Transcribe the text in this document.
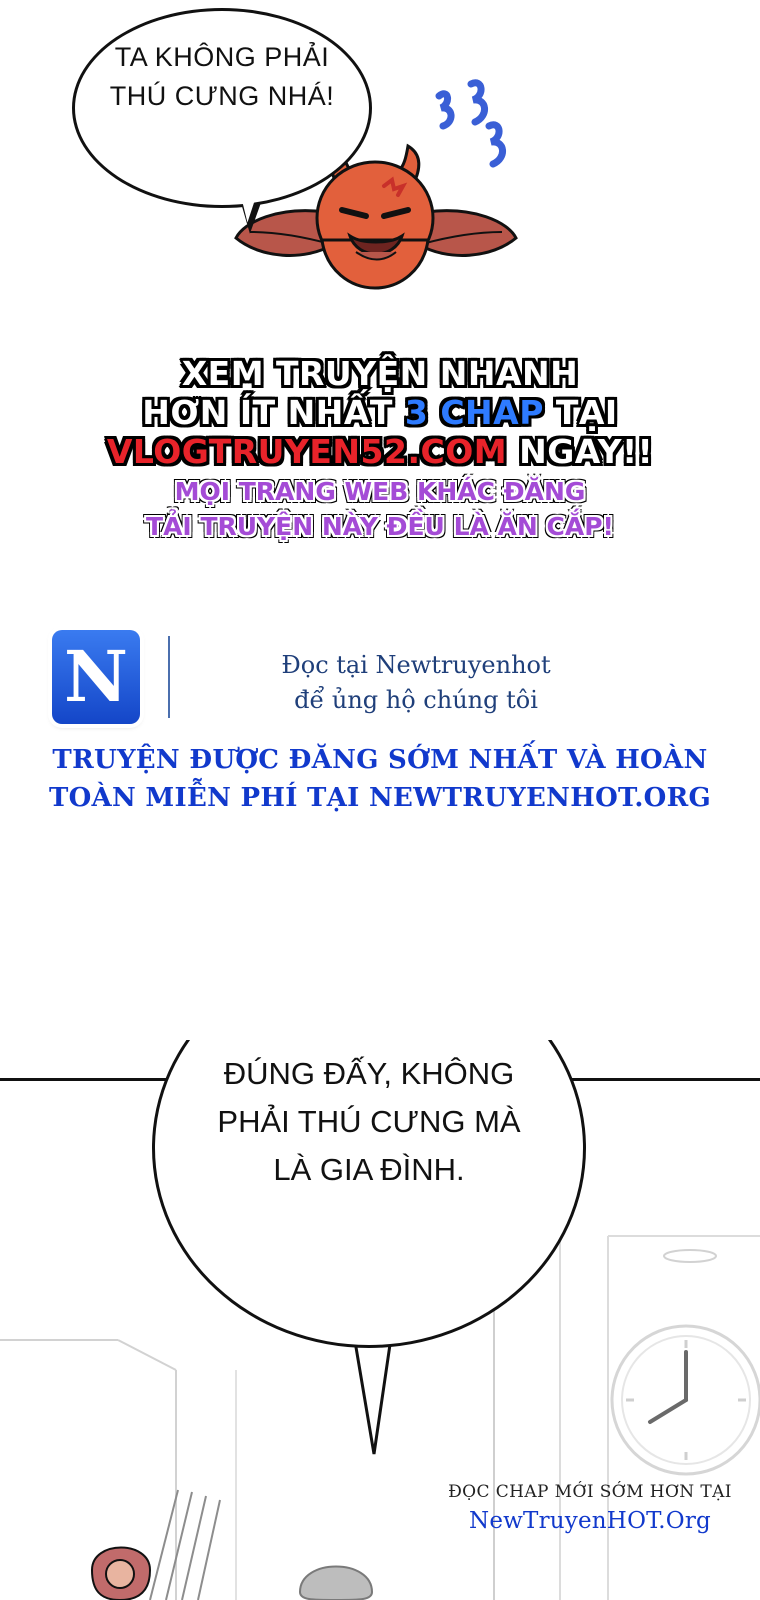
TA KHÔNG PHẢI
THÚ CƯNG NHÁ!
XEM TRUYỆN NHANH
HƠN ÍT NHẤT 3 CHAP TẠI
VLOGTRUYEN52.COM NGAY!!
MỌI TRANG WEB KHÁC ĐĂNG
TẢI TRUYỆN NÀY ĐỀU LÀ ĂN CẮP!
N	Đọc tại Newtruyenhot
để ủng hộ chúng tôi
TRUYỆN ĐƯỢC ĐĂNG SỚM NHẤT VÀ HOÀN
TOÀN MIỄN PHÍ TẠI NEWTRUYENHOT.ORG
ĐÚNG ĐẤY, KHÔNG
PHẢI THÚ CƯNG MÀ
LÀ GIA ĐÌNH.
ĐỌC CHAP MỚI SỚM HƠN TẠI
NewTruyenHOT.Org
